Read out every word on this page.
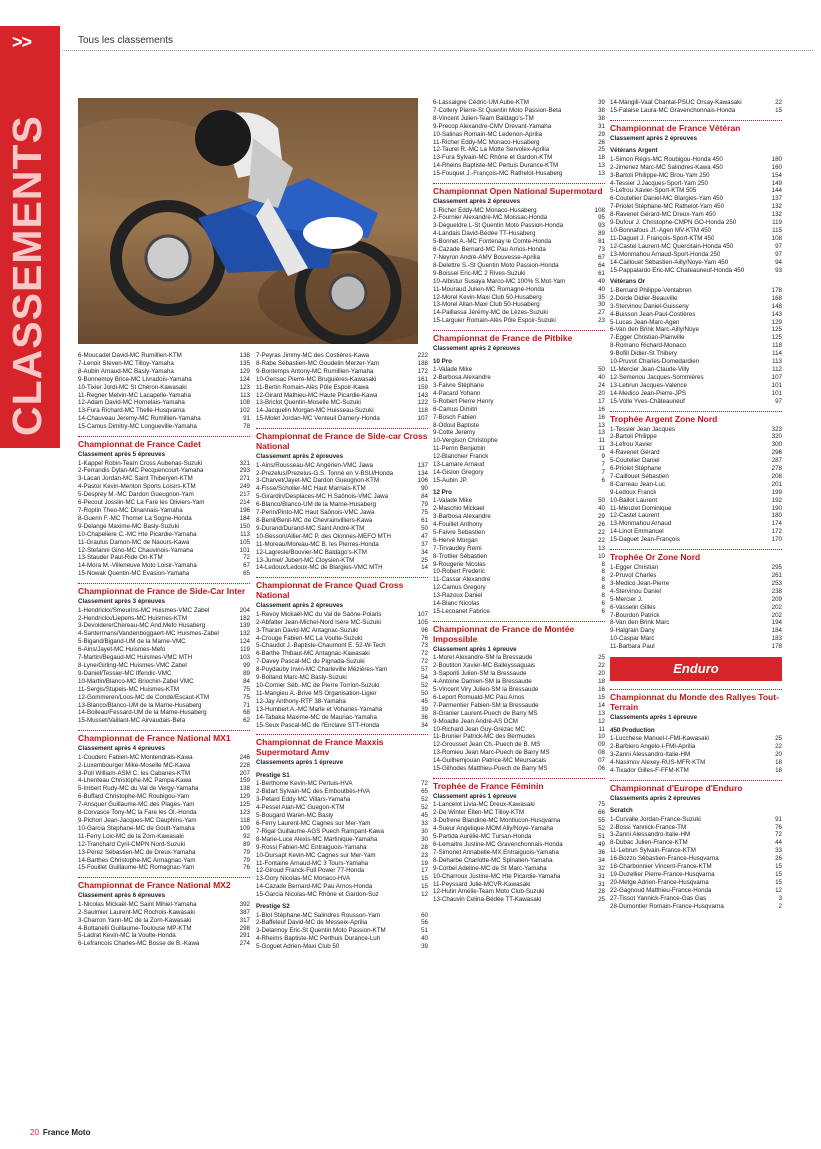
>>	Tous les classements
CLASSEMENTS	6-Moucadel David-MC Rumillien-KTM	138
7-Lenoir Steven-MC Tilloy-Yamaha	135
8-Aubin Arnaud-MC Basly-Yamaha	129
9-Bonnemoy Brice-MC Livradois-Yamaha	124
10-Tixier Jordi-MC St Chéron-Kawasaki	123
11-Regner Melvin-MC Lacapelle-Yamaha	113
12-Adam David-MC Hornelais-Yamaha	108
13-Fura Richard-MC Thelle-Husqvarna	102
14-Chauveau Jeremy-MC Rumillien-Yamaha	91
15-Camus Dimitry-MC Longueville-Yamaha	78
Championnat de France Cadet
Classement après 5 épreuves
1-Kappel Robin-Team Cross Aubenas-Suzuki	321
2-Ferrandis Dylan-MC Pecquencourt-Yamaha	293
3-Lacan Jordan-MC Saint Thiberyen-KTM	271
4-Pastor Kevin-Menton Sports Loisirs-KTM	249
5-Desprey M.-MC Dardon Gueugnon-Yam	217
6-Pecout Josslin-MC La Fare les Oliviers-Yam	214
7-Roptin Theo-MC Dinannais-Yamaha	196
8-Guerin F.-MC Thomer La Sogne-Honda	184
9-Delange Maxime-MC Basly-Suzuki	150
10-Chapeliere C.-MC Htе Picardie-Yamaha	113
11-Graulus Damon-MC de Naours-Kawa	105
12-Stefanni Gino-MC Chauvinois-Yamaha	101
13-Stauder Paul-Ride On-KTM	72
14-Mora M.-Villeneuve Moto Loisir-Yamaha	67
15-Nowak Quentin-MC Evasion-Yamaha	65
Championnat de France de Side-Car Inter
Classement après 3 épreuves
1-Hendrickx/Smeurins-MC Huismes-VMC Zabel	204
2-Hendrickx/Liepens-MC Huismes-KTM	182
3-Devoldere/Chereau-MC And.Mefo Husaberg	139
4-Santermans/Vandenboggaert-MC Huismes-Zabel	132
5-Bigand/Bigand-UM de la Marne-VMC	124
6-Ains/Jayet-MC Huismes-Mefo	119
7-Martin/Begaud-MC Huismes-VMC MTH	103
8-Lyne/Girling-MC Huismes-VMC Zabel	99
9-Daniel/Tessier-MC Iffendic-VMC	89
10-Martin/Blanco-MC Briochin-Zabel VMC	84
11-Sergis/Stupeis-MC Huismes-KTM	75
12-Gommeren/Loos-MC de Condé/Escaut-KTM	75
13-Blanco/Blanco-UM de la Marne-Husaberg	71
14-Boileau/Fessard-UM de la Marne-Husaberg	68
15-Musset/Vaillant-MC Airvaudais-Beta	62
Championnat de France National MX1
Classement après 4 épreuves
1-Couderc Fabien-MC Montendrais-Kawa	246
2-Luxembourger Mike-Moselle MC-Kawa	228
3-Poll William-ASM C. les Cabanes-KTM	207
4-Lhenteau Christophe-MC Pampa-Kawa	159
5-Imbert Rudy-MC du Val de Vergy-Yamaha	138
6-Buffard Christophe-MC Roubigou-Yam	129
7-Ansquer Guillaume-MC des Plages-Yam	125
8-Corvasce Tony-MC la Fare les Ol.-Honda	123
9-Pichon Jean-Jacques-MC Dauphins-Yam	118
10-Garcia Stephane-MC de Goult-Yamaha	109
11-Ferry Loic-MC de la Zorn-Kawasaki	92
12-Tranchard Cyril-CMPN Nord-Suzuki	89
13-Perez Sébastien-MC de Dreux-Yamaha	79
14-Barthes Christophe-MC Armagnac-Yam	79
15-Fouillet Guillaume-MC Romagnac-Yam	76
Championnat de France National MX2
Classement après 6 épreuves
1-Nicolas Mickaël-MC Saint Mihiel-Yamaha	392
2-Saulmier Laurent-MC Rochois-Kawasaki	387
3-Charron Yann-MC de la Zorn-Kawasaki	317
4-Bottanelli Guillaume-Toulouse MP-KTM	298
5-Ladrat Kevin-MC la Voulte-Honda	291
6-Lefrancois Charles-MC Bosse de B.-Kawa	274
7-Peyras Jimmy-MC des Costières-Kawa	222
8-Rabe Sébastien-MC Goudelin Merzer-Yam	188
9-Bontemps Antony-MC Rumillien-Yamaha	172
10-Gensac Pierre-MC Bruguières-Kawasaki	161
11-Bertin Romain-Alès Pôle Espoir-Kawa	159
12-Girard Mathieu-MC Haute Picardie-Kawa	143
13-Briclot Quentin-Moselle MC-Suzuki	122
14-Jacquelin Morgan-MC Huisseau-Suzuki	118
15-Molet Jordan-MC Venteuil Damery-Honda	107
Championnat de France de Side-car Cross National
Classement après 2 épreuves
1-Ains/Rousseau-MC Angérien-VMC Jawa	137
2-Prezelus/Prezelus-G.S. Tonné en V-BSU/Honda	134
3-Charvet/Jayet-MC Dardon Gueugnon-KTM	106
4-Fisse/Scholler-MC Haut Marnais-KTM	90
5-Girardin/Desplaces-MC H.Saônois-VMC Jawa	84
6-Blanco/Blanco-UM de la Marne-Husaberg	79
7-Perin/Pinto-MC Haut Saônois-VMC Jawa	75
8-Benil/Benil-MC de Chevrainvilliers-Kawa	61
9-Durand/Durand-MC Saint André-KTM	50
10-Besson/Allier-MC P. des Olonnes-MEFO MTH	47
11-Moreau/Moreau-MC B. les Pierres-Honda	37
12-Lagresle/Bouvier-MC Baldago's-KTM	34
13-Jumel/ Jubert-MC Cloysien-KTM	25
14-Ledoux/Ledoux-MC de Blargies-VMC MTH	14
Championnat de France Quad Cross National
Classement après 2 épreuves
1-Revoy Mickaël-MC du Val de Saône-Polaris	107
2-Abfalter Jean-Michel-Nord Isère MC-Suzuki	105
3-Tharan David-MC Antagnac-Suzuki	96
4-Crouge Fabien-MC La Voulte-Suzuki	76
5-Chaudot J.-Baptiste-Chaumont E. 52-W-Tech	73
6-Barthe Thibaut-MC Antagnac-Kawasaki	72
7-Davey Pascal-MC du Pignada-Suzuki	72
8-Puydauby Irwin-MC Charleville Mézières-Yam	57
9-Bolland Marc-MC Basly-Suzuki	54
10-Cornier Séb.-MC de Pierre Torrion-Suzuki	52
11-Mangieu A.-Brive MS Organisation-Ligier	50
12-Jay Anthony-RTF 38-Yamaha	45
13-Humbert A.-MC Marle et Voharies-Yamaha	39
14-Tabaka Maxime-MC de Mauriac-Yamaha	36
15-Seux Pascal-MC de l'Enclave STT-Honda	34
Championnat de France Maxxis Supermotard Amv
Classements après 1 épreuve
Prestige S1
1-Berthome Kevin-MC Pertuis-HVA	72
2-Bidart Sylvain-MC des Emboutbès-HVA	65
3-Petard Eddy-MC Villars-Yamaha	52
4-Pessel Alan-MC Guegon-KTM	52
5-Bougard Waren-MC Basly	45
6-Ferry Laurent-MC Cagnes sur Mer-Yam	33
7-Rigal Guillaume-AGS Puech Rampant-Kawa	30
8-Marie-Luce Alexis-MC Martinique-Yamaha	30
9-Rossi Fabien-MC Entraiguois-Yamaha	28
10-Dursapt Kevin-MC Cagnes sur Mer-Yam	23
11-Fontaine Arnaud-MC 3 Tours-Yamaha	19
12-Giroud Franck-Full Power 77-Honda	17
13-Gory Nicolas-MC Monaco-HVA	15
14-Cazade Bernard-MC Pau Arnos-Honda	15
15-Garcia Nicolas-MC Rhône et Gardon-Suz	12
Prestige S2
1-Blot Stéphane-MC Salindres Rousson-Yam	60
2-Baffeleuf David-MC de Messeix-Aprilia	56
3-Delannoy Eric-St Quentin Moto Passion-KTM	51
4-Rheims Baptiste-MC Perthuis Durance-Luh	40
5-Goguet Adrien-Maxi Club 50	39
6-Lassaigne Cédric-UM Aube-KTM	39
7-Collery Pierre-St Quentin Moto Passion-Beta	38
8-Vincent Julien-Team Baldago's-TM	38
9-Precop Alexandre-CMV Drevant-Yamaha	31
10-Salinas Romain-MC Ledenon-Aprilia	29
11-Richer Eddy-MC Monaco-Husaberg	26
12-Taurel R.-MC La Motte Servolex-Aprilia	25
13-Fura Sylvain-MC Rhône et Gardon-KTM	18
14-Rheins Baptiste-MC Pertuis Durance-KTM	13
15-Fouquet J.-François-MC Rathelot-Husaberg	13
Championnat Open National Supermotard
Classement après 2 épreuves
1-Richer Eddy-MC Monaco-Husaberg	108
2-Fournier Alexandre-MC Moissac-Honda	95
3-Degueldre L-St Quentin Moto Passion-Honda	93
4-Landais David-Bédée TT-Husaberg	89
5-Bonnet A.-MC Fontenay le Comte-Honda	81
6-Cazade Bernard-MC Pau Arnos-Honda	73
7-Neyron André-AMV Bouvesse-Aprilia	67
8-Delettre S.-St Quentin Moto Passion-Honda	64
9-Boissel Eric-MC 2 Rives-Suzuki	61
10-Albistur Susaya Marco-MC 100% S.Mot-Yam	49
11-Mouraud Julien-MC Romagné-Honda	40
12-Morel Kevin-Maxi Club 50-Husaberg	35
13-Morel Allan-Maxi Club 50-Husaberg	30
14-Paillassa Jérémy-MC de Lèzes-Suzuki	27
15-Larguier Romain-Alès Pôle Espoir-Suzuki	23
Championnat de France de Pitbike
Classement après 2 épreuves
10 Pro
1-Valade Mike	50
2-Barbosa Alexandre	40
3-Faivre Stéphane	24
4-Pacard Yohann	20
5-Robert Pierre Henry	17
6-Camus Dimitri	16
7-Bosch Fabien	16
8-Odoul Baptiste	13
9-Cotte Jeremy	13
10-Vergison Christophe	11
11-Perrin Benjamin	11
12-Blanchier Franck	9
13-Lamare Arnaud	7
14-Gislon Gregory	7
15-Aubin JP.	6
12 Pro
1-Valade Mike	50
2-Maschio Mickael	40
3-Barbosa Alexandre	29
4-Fouillet Anthony	26
5-Faivre Sebastien	22
6-Hervé Morgan	22
7-Tirvaudey Remi	13
8-Trottier Sébastien	10
9-Rougerie Nicolas	8
10-Robert Frederic	8
11-Cassar Alexandre	8
12-Camus Gregory	8
13-Razoux Daniel	8
14-Blanc Nicolas	6
15-Lecoanet Fabrice	6
Championnat de France de Montée Impossible
Classement après 1 épreuve
1-Morel Alexandre-SM la Bressaude	25
2-Boutiton Xavier-MC Balleyssaguais	22
3-Saporiti Julien-SM la Bressaude	20
4-Antoine Damien-SM la Bressaude	18
5-Vincent Viry Julien-SM la Bressaude	16
6-Leport Romuald-MC Pau Arnos	15
7-Parmentier Fabien-SM la Bressaude	14
8-Granier Laurent-Puech de Barry MS	13
9-Moadle Jean André-AS DCM	12
10-Richard Jean Guy-Grezac MC	11
11-Brunier Patrick-MC des Bermudes	10
12-Grousset Jean Ch.-Puech de B. MS	09
13-Romieu Jean Marc-Puech de Barry MS	08
14-Guilhemjouan Patrice-MC Meursacais	07
15-Gilhodes Matthieu-Puech de Barry MS	06
Trophée de France Féminin
Classement après 1 épreuve
1-Lancelot Livia-MC Dreux-Kawasaki	75
2-De Winter Ellen-MC Tilloy-KTM	66
3-Dufrene Blandine-MC Montlucon-Husqvarna	55
4-Sueur Angelique-MOM Ally/Noye-Yamaha	52
5-Partida Aurélie-MC Tursan-Honda	51
6-Lemaitre Justine-MC Gravenchonnais-Honda	49
7-Simonet Annabelle-MX Entraiguois-Yamaha	36
8-Deharbe Charlotte-MC Spinalien-Yamaha	34
9-Corbel Adeline-MC de St Marc-Yamaha	32
10-Charroux Justine-MC Hte Picardie-Yamaha	31
11-Peyssard Julie-MCVR-Kawasaki	31
12-Hutin Amélie-Team Moto Club-Suzuki	28
13-Chauvin Celina-Bédée TT-Kawasaki	25
14-Mangili-Vaal Chantal-PSUC Orsay-Kawasaki	22
15-Falaise Laura-MC Gravenchonnais-Honda	15
Championnat de France Vétéran
Classement après 2 épreuves
Vétérans Argent
1-Simon Régis-MC Roubigou-Honda 450	180
2-Jimenez Marc-MC Salindres-Kawa 450	160
3-Bartoli Philippe-MC Brou-Yam 250	154
4-Tessier J.Jacques-Sport-Yam 250	149
5-Lefrou Xavier-Sport-KTM 505	144
6-Coutellier Daniel-MC Blargies-Yam 450	137
7-Priolet Stéphane-MC Rathelot-Yam 450	132
8-Ravenet Gérard-MC Dreux-Yam 450	132
9-Dufour J. Christophe-CMPN GO-Honda 250	119
10-Bonnafous Jf.-Agen MV-KTM 450	115
11-Daguet J. François-Sport-KTM 450	108
12-Castel Laurent-MC Quercitain-Honda 450	97
13-Monmahou Arnaud-Sport-Honda 250	97
14-Caillouet Sébastien-Ailly/Noye-Yam 450	94
15-Pappalardo Eric-MC Chateauneuf-Honda 450	93
Vétérans Or
1-Bernard Philippe-Ventabren	178
2-Dorde Didier-Beauville	168
3-Stervinou Daniel-Guisseny	148
4-Buisson Jean-Paul-Costières	143
5-Lucas Jean-Marc-Agen	129
6-Van den Brink Marc-Ailly/Noye	125
7-Egger Christian-Plainville	125
8-Romano Richard-Monaco	118
9-Bofill Didier-St Thibery	114
10-Pruvot Charles-Domedardien	113
11-Mercier Jean-Claude-Villy	112
12-Semenou Jacques-Sommières	107
13-Lebrun Jacques-Valence	101
14-Medico Jean-Pierre-JPS	101
15-Volle Yves-Châteauneuf	97
Trophée Argent Zone Nord
1-Tessier Jean Jacques	323
2-Bartoli Philippe	320
3-Lefrou Xavier	300
4-Ravenet Gérard	296
5-Coutelier Daniel	287
6-Priolet Stéphane	278
7-Caillouet Sébastien	208
8-Carreau Jean-Luc	201
9-Ledoux Franck	199
10-Ballot Laurent	192
11-Mieuzet Dominique	190
12-Castel Laurent	180
13-Monmahou Arnaud	174
14-Linot Emmanuel	172
15-Daguet Jean-François	170
Trophée Or Zone Nord
1-Egger Christian	295
2-Pruvot Charles	261
3-Medico Jean-Pierre	253
4-Stervinou Daniel	238
5-Mercier J.	209
6-Vasselin Gilles	202
7-Bourdon Patrick	202
8-Van den Brink Marc	194
9-Halgrain Dany	184
10-Caspar Marc	183
11-Barbara Paul	178
Enduro
Championnat du Monde des Rallyes Tout-Terrain
Classements après 1 épreuve
450 Production
1-Lucchese Manuel-I-FMI-Kawasaki	25
2-Barbiero Angelo-I-FMI-Aprilia	22
3-Zanni Alessandro-Italie-HM	20
4-Nasimov Alexey-RUS-MFR-KTM	18
4-Tixador Gilles-F-FFM-KTM	18
Championnat d'Europe d'Enduro
Classements après 2 épreuves
Scratch
1-Curvalle Jordan-France-Suzuki	91
2-Bossi Yannick-France-TM	76
3-Zanni Alessandro-Italie-HM	72
8-Dubac Julien-France-KTM	44
11-Lebrun Sylvain-France-KTM	33
16-Bozzo Sébastien-France-Husqvarna	26
18-Charbonnier Vincent-France-KTM	15
19-Duzellier Pierre-France-Husqvarna	15
20-Metge Adrien-France-Husqvarna	15
22-Gagnoud Matthieu-France-Honda	12
27-Tissot Yannick-France-Gas Gas	3
28-Dumontier Romain-France-Husqvarna	2
20 France Moto
